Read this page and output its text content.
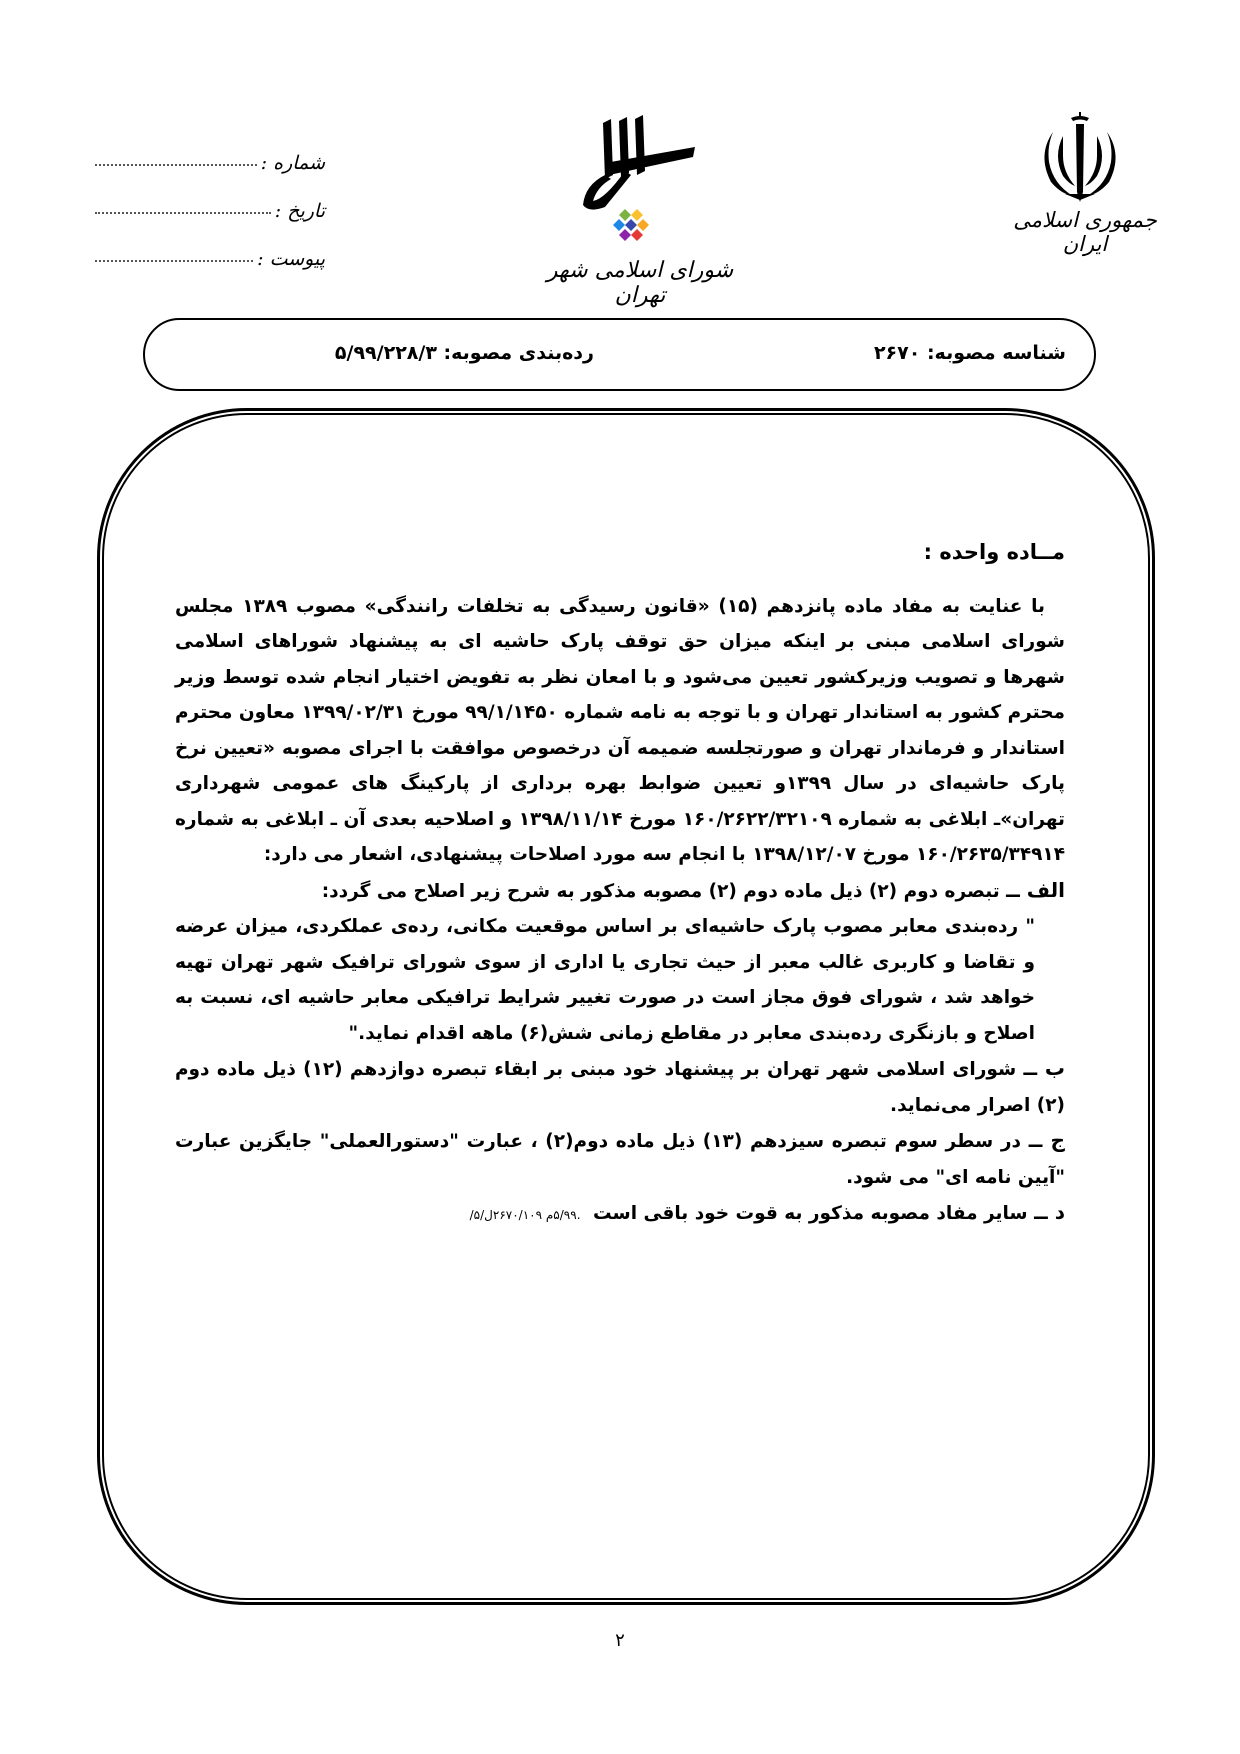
شماره :
تاریخ :
پیوست :	شورای اسلامی شهر تهران
جمهوری اسلامی ایران
شناسه مصوبه: ۲۶۷۰
رده‌بندی مصوبه: ۵/۹۹/۲۲۸/۳

مــاده واحده :

با عنایت به مفاد ماده پانزدهم (۱۵) «قانون رسیدگی به تخلفات رانندگی» مصوب ۱۳۸۹ مجلس شورای اسلامی مبنی بر اینکه میزان حق توقف پارک حاشیه ای به پیشنهاد شوراهای اسلامی شهرها و تصویب وزیرکشور تعیین می‌شود و با امعان نظر به تفویض اختیار انجام شده توسط وزیر محترم کشور به استاندار تهران و با توجه به نامه شماره ۹۹/۱/۱۴۵۰ مورخ ۱۳۹۹/۰۲/۳۱ معاون محترم استاندار و فرماندار تهران و صورتجلسه ضمیمه آن درخصوص موافقت با اجرای مصوبه «تعیین نرخ پارک حاشیه‌ای در سال ۱۳۹۹و تعیین ضوابط بهره برداری از پارکینگ های عمومی شهرداری تهران»ـ ابلاغی به شماره ۱۶۰/۲۶۲۲/۳۲۱۰۹ مورخ ۱۳۹۸/۱۱/۱۴ و اصلاحیه بعدی آن ـ ابلاغی به شماره ۱۶۰/۲۶۳۵/۳۴۹۱۴ مورخ ۱۳۹۸/۱۲/۰۷ با انجام سه مورد اصلاحات پیشنهادی، اشعار می دارد:

الف ــ تبصره دوم (۲) ذیل ماده دوم (۲) مصوبه مذکور به شرح زیر اصلاح می گردد:

" رده‌بندی معابر مصوب پارک حاشیه‌ای بر اساس موقعیت مکانی، رده‌ی عملکردی، میزان عرضه و تقاضا و کاربری غالب معبر از حیث تجاری یا اداری از سوی شورای ترافیک شهر تهران تهیه خواهد شد ، شورای فوق مجاز است در صورت تغییر شرایط ترافیکی معابر حاشیه ای، نسبت به اصلاح و بازنگری رده‌بندی معابر در مقاطع زمانی شش(۶) ماهه اقدام نماید."

ب ــ شورای اسلامی شهر تهران بر پیشنهاد خود مبنی بر ابقاء تبصره دوازدهم (۱۲) ذیل ماده دوم (۲) اصرار می‌نماید.

ج ــ در سطر سوم تبصره سیزدهم (۱۳) ذیل ماده دوم(۲) ، عبارت "دستورالعملی" جایگزین عبارت "آیین نامه ای" می شود.

د ــ سایر مفاد مصوبه مذکور به قوت خود باقی است .۵/۹۹م ۲۶۷۰/۱۰۹ل/۵/

۲
